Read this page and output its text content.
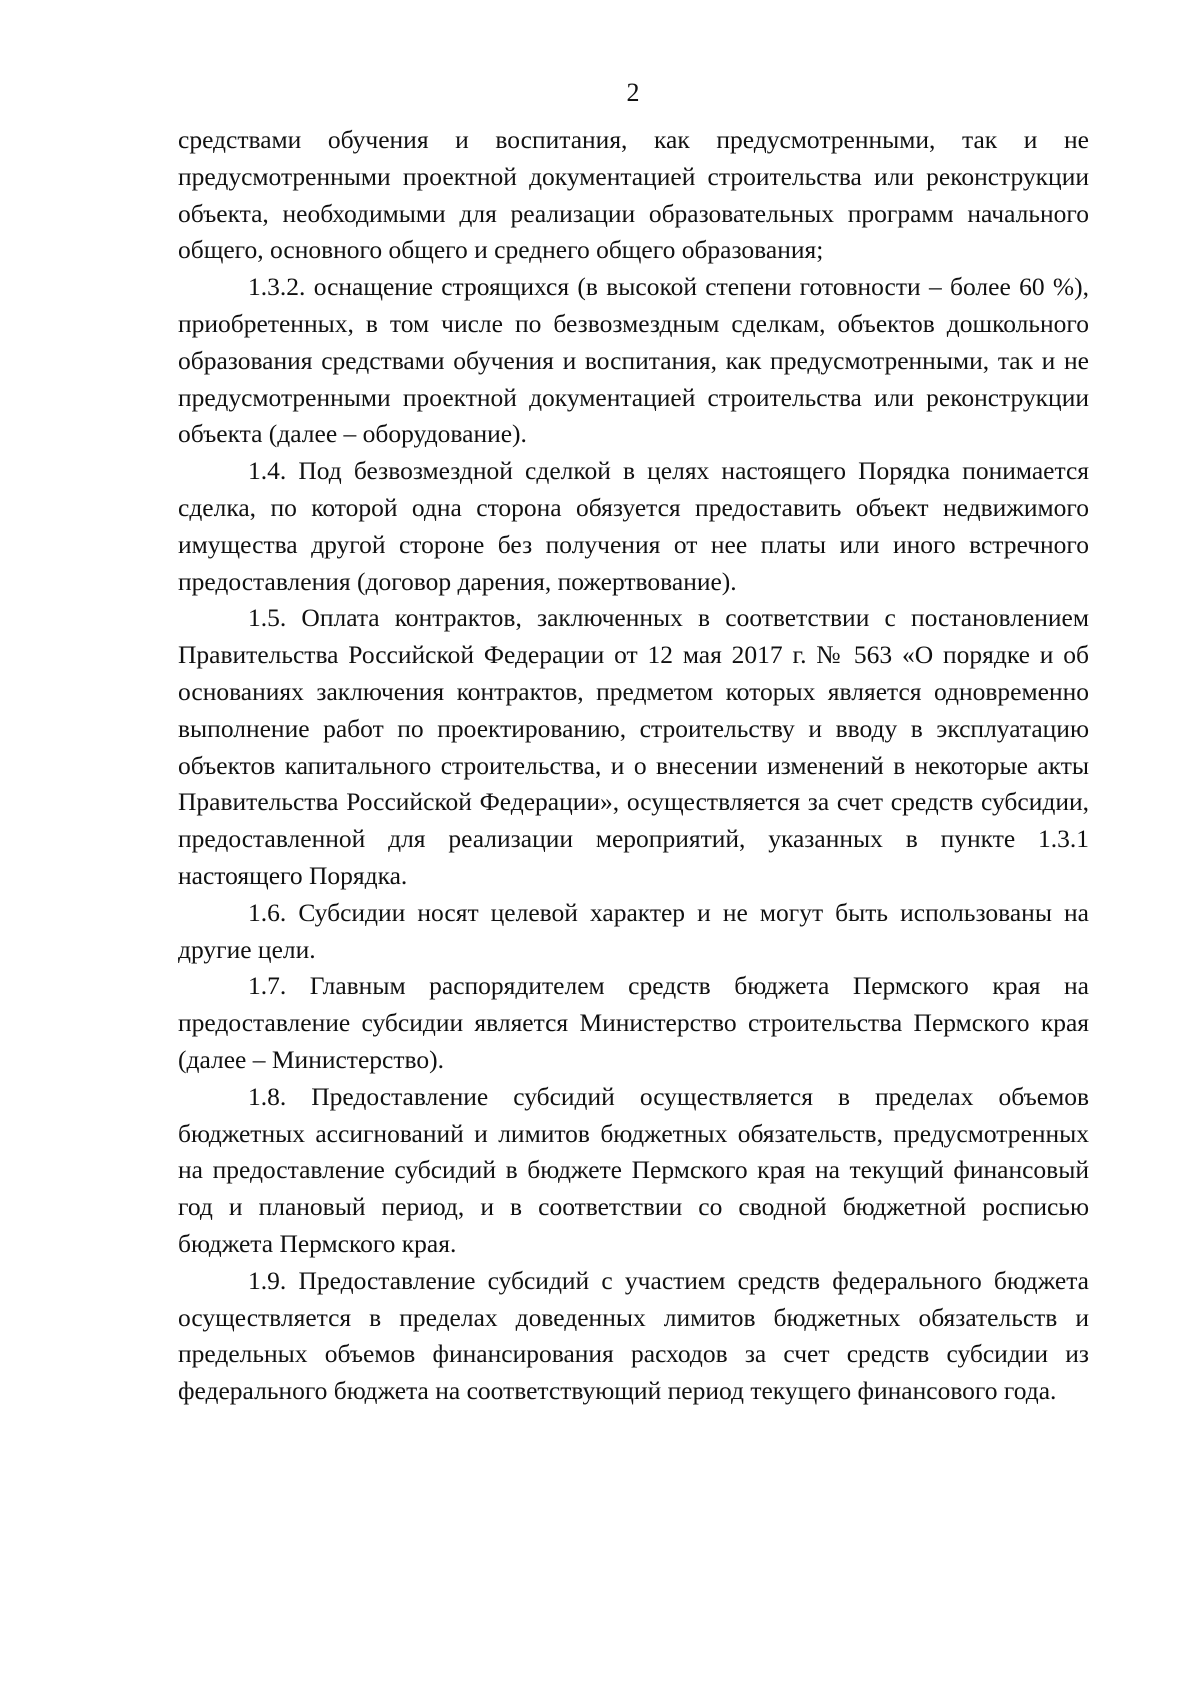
2

средствами обучения и воспитания, как предусмотренными, так и не предусмотренными проектной документацией строительства или реконструкции объекта, необходимыми для реализации образовательных программ начального общего, основного общего и среднего общего образования;

1.3.2. оснащение строящихся (в высокой степени готовности – более 60 %), приобретенных, в том числе по безвозмездным сделкам, объектов дошкольного образования средствами обучения и воспитания, как предусмотренными, так и не предусмотренными проектной документацией строительства или реконструкции объекта (далее – оборудование).

1.4. Под безвозмездной сделкой в целях настоящего Порядка понимается сделка, по которой одна сторона обязуется предоставить объект недвижимого имущества другой стороне без получения от нее платы или иного встречного предоставления (договор дарения, пожертвование).

1.5. Оплата контрактов, заключенных в соответствии с постановлением Правительства Российской Федерации от 12 мая 2017 г. № 563 «О порядке и об основаниях заключения контрактов, предметом которых является одновременно выполнение работ по проектированию, строительству и вводу в эксплуатацию объектов капитального строительства, и о внесении изменений в некоторые акты Правительства Российской Федерации», осуществляется за счет средств субсидии, предоставленной для реализации мероприятий, указанных в пункте 1.3.1 настоящего Порядка.

1.6. Субсидии носят целевой характер и не могут быть использованы на другие цели.

1.7. Главным распорядителем средств бюджета Пермского края на предоставление субсидии является Министерство строительства Пермского края (далее – Министерство).

1.8. Предоставление субсидий осуществляется в пределах объемов бюджетных ассигнований и лимитов бюджетных обязательств, предусмотренных на предоставление субсидий в бюджете Пермского края на текущий финансовый год и плановый период, и в соответствии со сводной бюджетной росписью бюджета Пермского края.

1.9. Предоставление субсидий с участием средств федерального бюджета осуществляется в пределах доведенных лимитов бюджетных обязательств и предельных объемов финансирования расходов за счет средств субсидии из федерального бюджета на соответствующий период текущего финансового года.
